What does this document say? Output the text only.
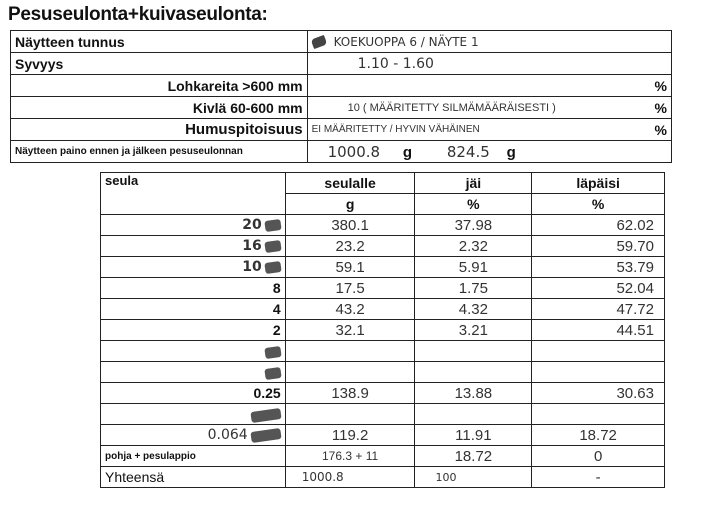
Pesuseulonta+kuivaseulonta:
Näytteen tunnus	KOEKUOPPA 6 / NÄYTE 1	
Syvyys	1.10 - 1.60	
Lohkareita >600 mm		%
Kivlä 60-600 mm	10 ( MÄÄRITETTY SILMÄMÄÄRÄISESTI )	%
Humuspitoisuus	EI MÄÄRITETTY / HYVIN VÄHÄINEN	%
Näytteen paino ennen ja jälkeen pesuseulonnan	1000.8 g 824.5 g	
seula	seulalle	jäi	läpäisi
	g	%	%
20	380.1	37.98	62.02
16	23.2	2.32	59.70
10	59.1	5.91	53.79
8	17.5	1.75	52.04
4	43.2	4.32	47.72
2	32.1	3.21	44.51

0.25	138.9	13.88	30.63

0.064	119.2	11.91	18.72
pohja + pesulappio	176.3 + 11	18.72	0
Yhteensä	1000.8	100	-
